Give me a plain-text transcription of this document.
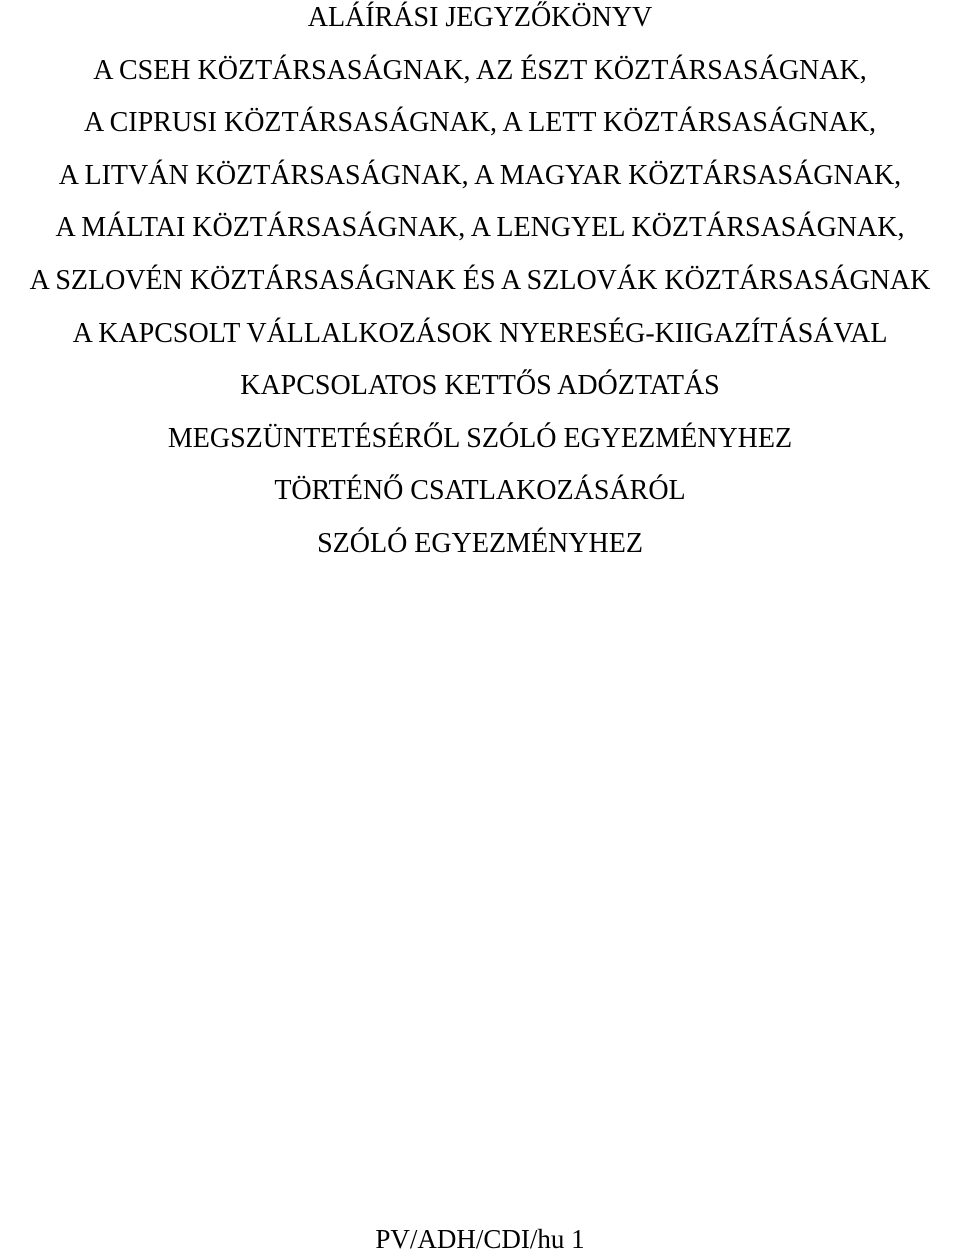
ALÁÍRÁSI JEGYZŐKÖNYV
A CSEH KÖZTÁRSASÁGNAK, AZ ÉSZT KÖZTÁRSASÁGNAK,
A CIPRUSI KÖZTÁRSASÁGNAK, A LETT KÖZTÁRSASÁGNAK,
A LITVÁN KÖZTÁRSASÁGNAK, A MAGYAR KÖZTÁRSASÁGNAK,
A MÁLTAI KÖZTÁRSASÁGNAK, A LENGYEL KÖZTÁRSASÁGNAK,
A SZLOVÉN KÖZTÁRSASÁGNAK ÉS A SZLOVÁK KÖZTÁRSASÁGNAK
A KAPCSOLT VÁLLALKOZÁSOK NYERESÉG-KIIGAZÍTÁSÁVAL
KAPCSOLATOS KETTŐS ADÓZTATÁS
MEGSZÜNTETÉSÉRŐL SZÓLÓ EGYEZMÉNYHEZ
TÖRTÉNŐ CSATLAKOZÁSÁRÓL
SZÓLÓ EGYEZMÉNYHEZ
PV/ADH/CDI/hu 1
